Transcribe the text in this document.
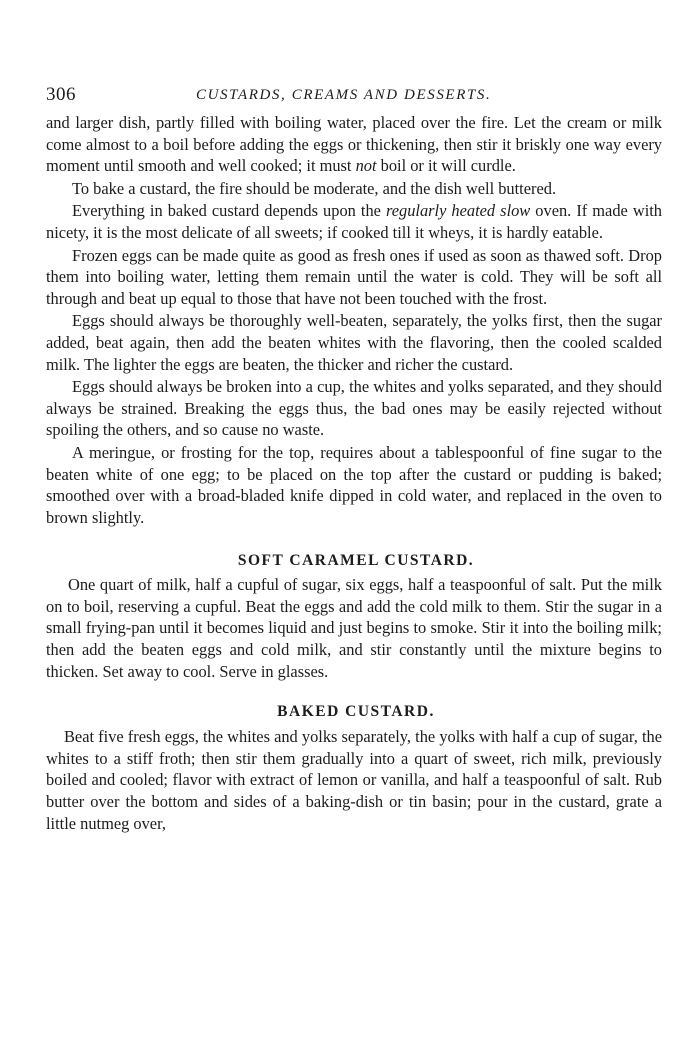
306	CUSTARDS, CREAMS AND DESSERTS.

and larger dish, partly filled with boiling water, placed over the fire. Let the cream or milk come almost to a boil before adding the eggs or thickening, then stir it briskly one way every moment until smooth and well cooked; it must not boil or it will curdle.

To bake a custard, the fire should be moderate, and the dish well buttered.

Everything in baked custard depends upon the regularly heated slow oven. If made with nicety, it is the most delicate of all sweets; if cooked till it wheys, it is hardly eatable.

Frozen eggs can be made quite as good as fresh ones if used as soon as thawed soft. Drop them into boiling water, letting them remain until the water is cold. They will be soft all through and beat up equal to those that have not been touched with the frost.

Eggs should always be thoroughly well-beaten, separately, the yolks first, then the sugar added, beat again, then add the beaten whites with the flavoring, then the cooled scalded milk. The lighter the eggs are beaten, the thicker and richer the custard.

Eggs should always be broken into a cup, the whites and yolks separated, and they should always be strained. Breaking the eggs thus, the bad ones may be easily rejected without spoiling the others, and so cause no waste.

A meringue, or frosting for the top, requires about a tablespoonful of fine sugar to the beaten white of one egg; to be placed on the top after the custard or pudding is baked; smoothed over with a broad-bladed knife dipped in cold water, and replaced in the oven to brown slightly.

SOFT CARAMEL CUSTARD.

One quart of milk, half a cupful of sugar, six eggs, half a teaspoonful of salt. Put the milk on to boil, reserving a cupful. Beat the eggs and add the cold milk to them. Stir the sugar in a small frying-pan until it becomes liquid and just begins to smoke. Stir it into the boiling milk; then add the beaten eggs and cold milk, and stir constantly until the mixture begins to thicken. Set away to cool. Serve in glasses.

BAKED CUSTARD.

Beat five fresh eggs, the whites and yolks separately, the yolks with half a cup of sugar, the whites to a stiff froth; then stir them gradually into a quart of sweet, rich milk, previously boiled and cooled; flavor with extract of lemon or vanilla, and half a teaspoonful of salt. Rub butter over the bottom and sides of a baking-dish or tin basin; pour in the custard, grate a little nutmeg over,
